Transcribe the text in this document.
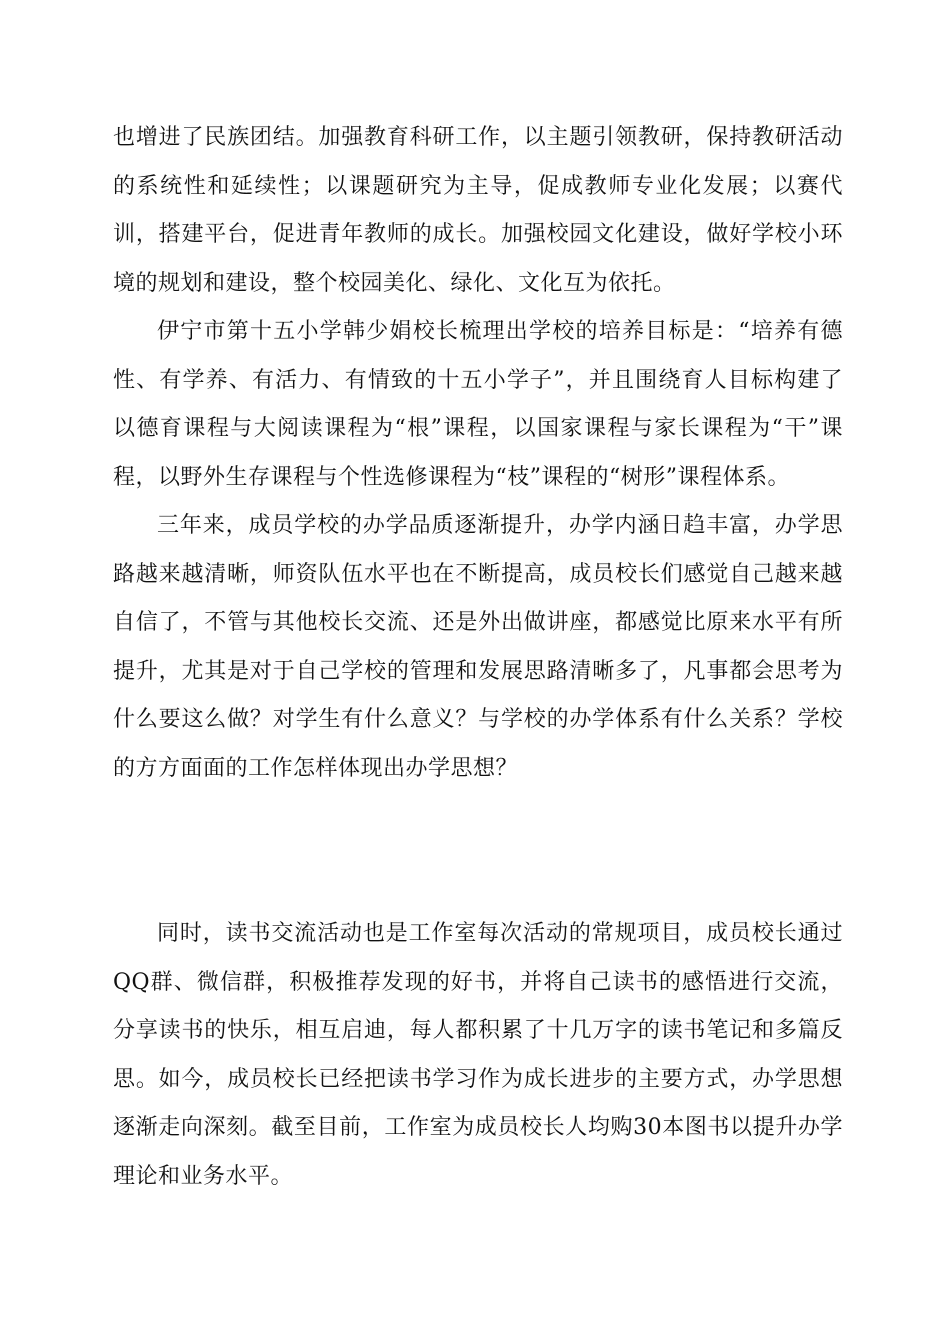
也增进了民族团结。加强教育科研工作，以主题引领教研，保持教研活动的系统性和延续性；以课题研究为主导，促成教师专业化发展；以赛代训，搭建平台，促进青年教师的成长。加强校园文化建设，做好学校小环境的规划和建设，整个校园美化、绿化、文化互为依托。

伊宁市第十五小学韩少娟校长梳理出学校的培养目标是：“培养有德性、有学养、有活力、有情致的十五小学子”，并且围绕育人目标构建了以德育课程与大阅读课程为“根”课程，以国家课程与家长课程为“干”课程，以野外生存课程与个性选修课程为“枝”课程的“树形”课程体系。

三年来，成员学校的办学品质逐渐提升，办学内涵日趋丰富，办学思路越来越清晰，师资队伍水平也在不断提高，成员校长们感觉自己越来越自信了，不管与其他校长交流、还是外出做讲座，都感觉比原来水平有所提升，尤其是对于自己学校的管理和发展思路清晰多了，凡事都会思考为什么要这么做？对学生有什么意义？与学校的办学体系有什么关系？学校的方方面面的工作怎样体现出办学思想？

同时，读书交流活动也是工作室每次活动的常规项目，成员校长通过QQ群、微信群，积极推荐发现的好书，并将自己读书的感悟进行交流，分享读书的快乐，相互启迪，每人都积累了十几万字的读书笔记和多篇反思。如今，成员校长已经把读书学习作为成长进步的主要方式，办学思想逐渐走向深刻。截至目前，工作室为成员校长人均购30本图书以提升办学理论和业务水平。
